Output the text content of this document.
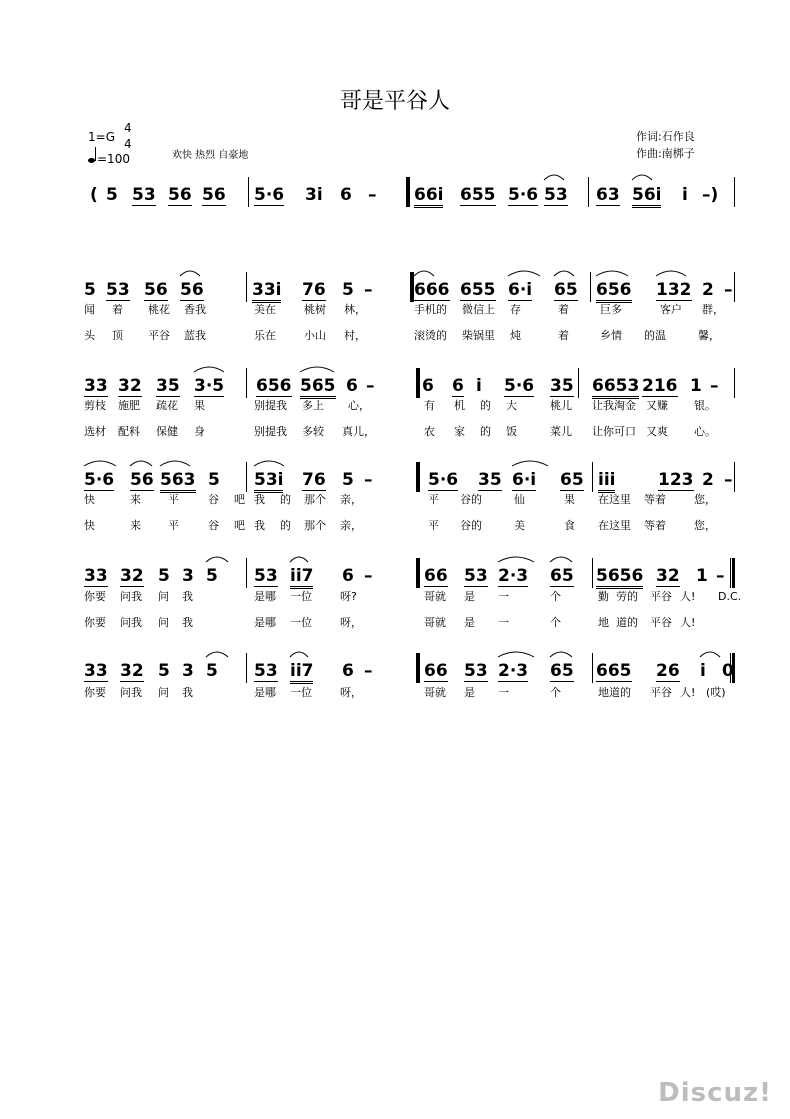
哥是平谷人
1=G
4
4
=100	欢快 热烈 自豪地
作词:石作良
作曲:南梆子
( 5 53 56 56 5·6 3i 6 – 66i 655 5·6 53 63 56i i –)
5 53 56 56	33i 76 5 – 666 655 6·i 65 656 132 2 –
33 32 35 3·5 656 565 6 –	6 6 i 5·6 35 6653 216 1 –
5·6 56 563 5 53i 76 5 –	5·6 35 6·i 65 iii	123 2 –
33 32 5 3 5 53 ii7 6 –	66 53 2·3 65 5656 32 1 –
33 32 5 3 5 53 ii7 6 –	66 53 2·3 65 665 26 i 0
闻 着 桃花 香我	美在	桃树 林，	手机的 微信上 存	着	巨多	客户 群，
头 顶 平谷 蓝我	乐在	小山 村，	滚烫的 柴锅里 炖	着	乡情 的温	馨，
剪枝 施肥 疏花 果	别提我 多上 心，	有 机 的 大	桃儿 让我淘金 又赚 银。
选材 配料 保健 身	别提我 多较 真儿，	农 家 的 饭	菜儿 让你可口 又爽 心。
快	来 平	谷 吧 我 的 那个 亲，	平 谷的	仙	果 在这里 等着	您，
快	来 平	谷 吧 我 的 那个 亲，	平 谷的	美	食 在这里 等着	您，
你要 问我 问 我	是哪 一位	呀?	哥就 是 一	个	勤 劳的 平谷 人! D.C.
你要 问我 问 我	是哪 一位	呀，	哥就 是 一	个	地 道的 平谷 人!
你要 问我 问 我	是哪 一位	呀，	哥就 是 一	个	地道的 平谷 人! (哎)
Discuz!
